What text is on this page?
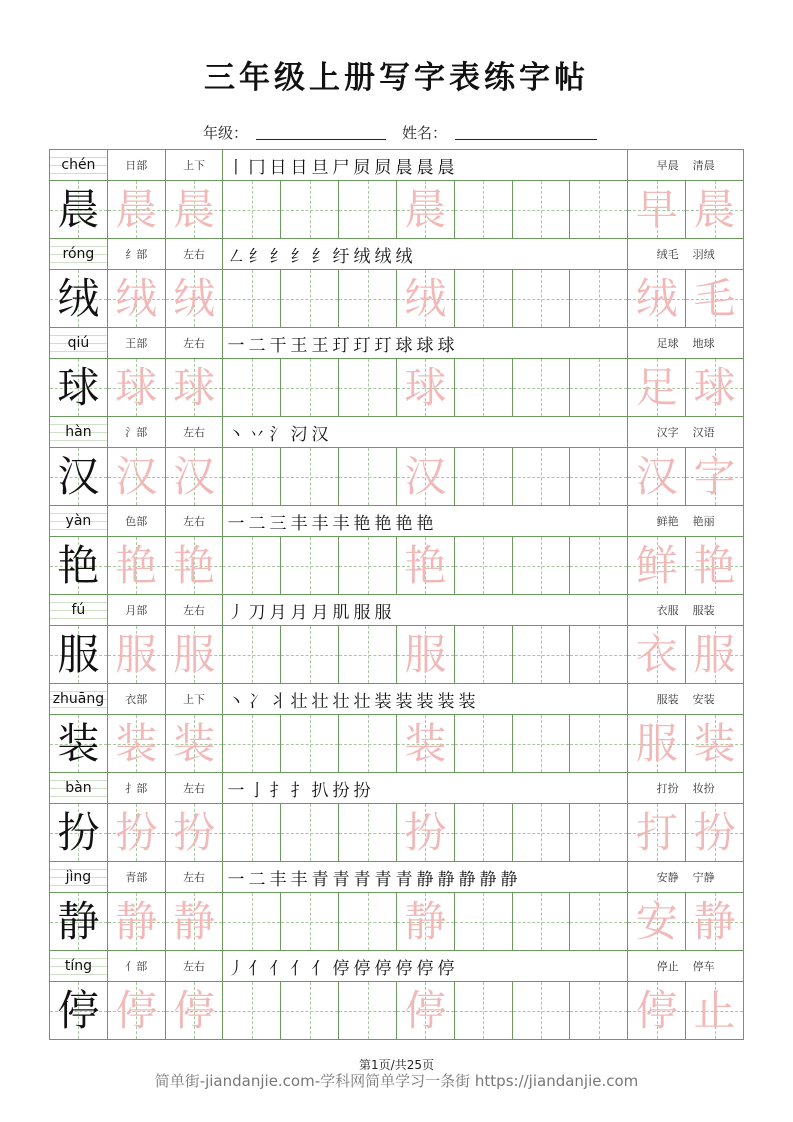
三年级上册写字表练字帖
年级：	姓名：
chén	日部	上下	丨 冂 日 日 旦 尸 屃 屃 晨 晨 晨	早晨 清晨
晨 晨 晨	晨	早 晨
róng	纟部	左右	㇜ 纟 纟 纟 纟 纡 绒 绒 绒	绒毛 羽绒
绒 绒 绒	绒	绒 毛
qiú	王部	左右	一 二 干 王 王 玎 玎 玎 球 球 球	足球 地球
球 球 球	球	足 球
hàn	氵部	左右	丶 丷 氵 汈 汉	汉字 汉语
汉 汉 汉	汉	汉 字
yàn	色部	左右	一 二 三 丰 丰 丰 艳 艳 艳 艳	鲜艳 艳丽
艳 艳 艳	艳	鲜 艳
fú	月部	左右	丿 刀 月 月 月 肌 服 服	衣服 服装
服 服 服	服	衣 服
zhuāng	衣部	上下	丶 冫 丬 壮 壮 壮 壮 装 装 装 装 装	服装 安装
装 装 装	装	服 装
bàn	扌部	左右	一 亅 扌 扌 扒 扮 扮	打扮 妆扮
扮 扮 扮	扮	打 扮
jìng	青部	左右	一 二 丰 丰 青 青 青 青 青 静 静 静 静 静	安静 宁静
静 静 静	静	安 静
tíng	亻部	左右	丿 亻 亻 亻 亻 停 停 停 停 停 停	停止 停车
停 停 停	停	停 止
第1页/共25页
简单街-jiandanjie.com-学科网简单学习一条街 https://jiandanjie.com
